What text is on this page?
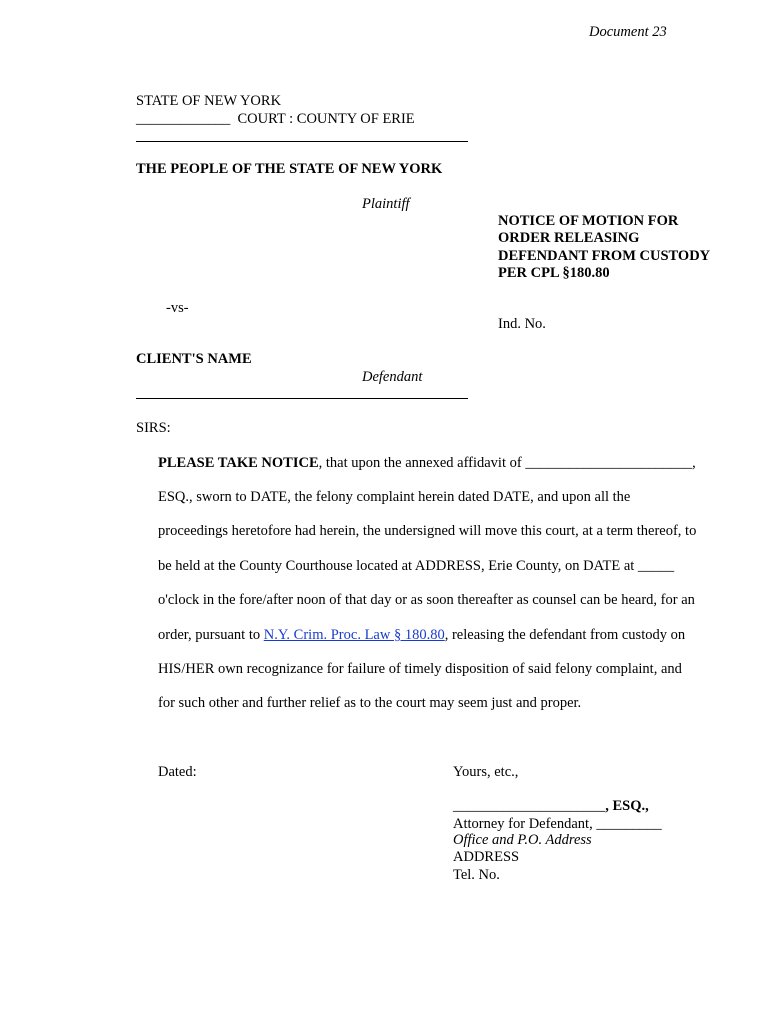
Document 23
STATE OF NEW YORK
_____________ COURT : COUNTY OF ERIE
THE PEOPLE OF THE STATE OF NEW YORK
Plaintiff
-vs-
CLIENT'S NAME
Defendant
NOTICE OF MOTION FOR
ORDER RELEASING
DEFENDANT FROM CUSTODY
PER CPL §180.80
Ind. No.
SIRS:
PLEASE TAKE NOTICE, that upon the annexed affidavit of _______________________,
ESQ., sworn to DATE, the felony complaint herein dated DATE, and upon all the
proceedings heretofore had herein, the undersigned will move this court, at a term thereof, to
be held at the County Courthouse located at ADDRESS, Erie County, on DATE at _____
o'clock in the fore/after noon of that day or as soon thereafter as counsel can be heard, for an
order, pursuant to N.Y. Crim. Proc. Law § 180.80, releasing the defendant from custody on
HIS/HER own recognizance for failure of timely disposition of said felony complaint, and
for such other and further relief as to the court may seem just and proper.
Dated:	Yours, etc.,
_____________________, ESQ.,
Attorney for Defendant, _________
Office and P.O. Address
ADDRESS
Tel. No.
